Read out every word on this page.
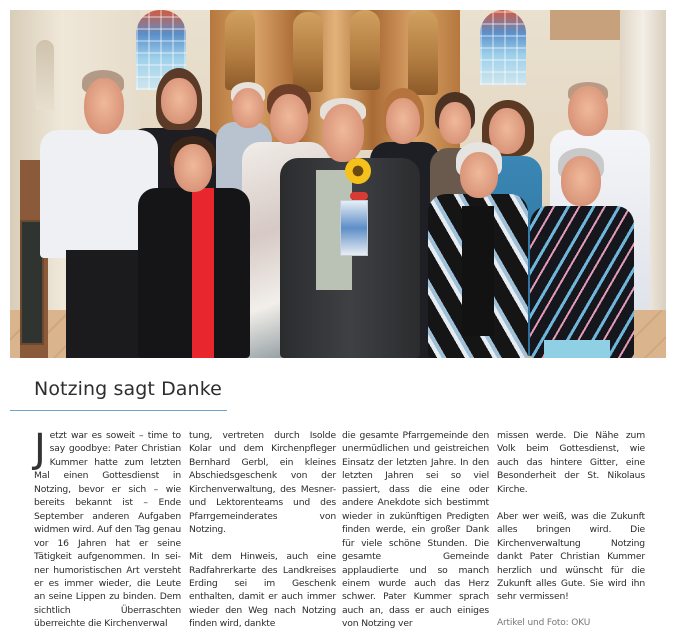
Notzing sagt Danke

Jetzt war es soweit – time to say goodbye: Pater Christian Kummer hatte zum letzten Mal einen Gottesdienst in Notzing, bevor er sich – wie bereits bekannt ist – Ende September anderen Aufgaben widmen wird. Auf den Tag genau vor 16 Jahren hat er seine Tätigkeit aufgenommen. In seiner humoristischen Art versteht er es immer wieder, die Leute an seine Lippen zu binden. Dem sichtlich Überraschten überreichte die Kirchenverwal

tung, vertreten durch Isolde Kolar und dem Kirchenpfleger Bernhard Gerbl, ein kleines Abschiedsgeschenk von der Kirchenverwaltung, des Mesner- und Lektorenteams und des Pfarrgemeinderates von Notzing.

Mit dem Hinweis, auch eine Radfahrerkarte des Landkreises Erding sei im Geschenk enthalten, damit er auch immer wieder den Weg nach Notzing finden wird, dankte

die gesamte Pfarrgemeinde den unermüdlichen und geistreichen Einsatz der letzten Jahre. In den letzten Jahren sei so viel passiert, dass die eine oder andere Anekdote sich bestimmt wieder in zukünftigen Predigten finden werde, ein großer Dank für viele schöne Stunden. Die gesamte Gemeinde applaudierte und so manch einem wurde auch das Herz schwer. Pater Kummer sprach auch an, dass er auch einiges von Notzing ver

missen werde. Die Nähe zum Volk beim Gottesdienst, wie auch das hintere Gitter, eine Besonderheit der St. Nikolaus Kirche.

Aber wer weiß, was die Zukunft alles bringen wird. Die Kirchenverwaltung Notzing dankt Pater Christian Kummer herzlich und wünscht für die Zukunft alles Gute. Sie wird ihn sehr vermissen!

Artikel und Foto: OKU
